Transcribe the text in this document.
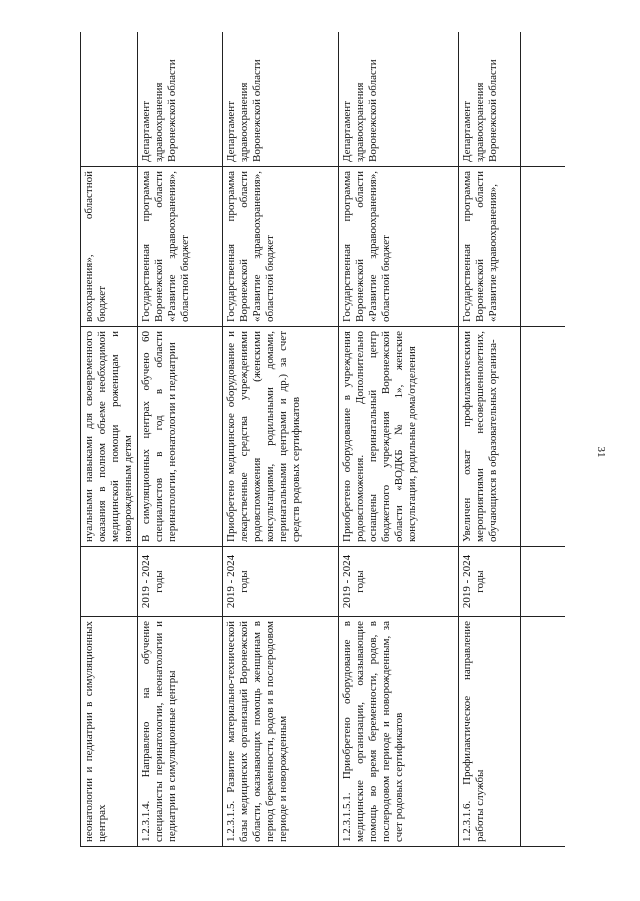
31
неонатологии и педиатрии в симуляционных центрах		нуальными навыками для своевременного оказания в полном объеме необходимой медицинской помощи роженицам и новорожденным детям	воохранения», областной бюджет	
1.2.3.1.4. Направлено на обучение специалисты перинатологии, неонатологии и педиатрии в симуляционные центры	2019 - 2024 годы	В симуляционных центрах обучено 60 специалистов в год в области перинатологии, неонатологии и педиатрии	Государственная программа Воронежской области «Развитие здравоохранения», областной бюджет	Департамент здравоохранения Воронежской области
1.2.3.1.5. Развитие материально-технической базы медицинских организаций Воронежской области, оказывающих помощь женщинам в период беременности, родов и в послеродовом периоде и новорожденным	2019 - 2024 годы	Приобретено медицинское оборудование и лекарственные средства учреждениями родовспоможения (женскими консультациями, родильными домами, перинатальными центрами и др.) за счет средств родовых сертификатов	Государственная программа Воронежской области «Развитие здравоохранения», областной бюджет	Департамент здравоохранения Воронежской области
1.2.3.1.5.1. Приобретено оборудование в медицинские организации, оказывающие помощь во время беременности, родов, в послеродовом периоде и новорожденным, за счет родовых сертификатов	2019 - 2024 годы	Приобретено оборудование в учреждения родовспоможения. Дополнительно оснащены перинатальный центр бюджетного учреждения Воронежской области «ВОДКБ № 1», женские консультации, родильные дома/отделения	Государственная программа Воронежской области «Развитие здравоохранения», областной бюджет	Департамент здравоохранения Воронежской области
1.2.3.1.6. Профилактическое направление работы службы	2019 - 2024 годы	Увеличен охват профилактическими мероприятиями несовершеннолетних, обучающихся в образовательных организа-	Государственная программа Воронежской области «Развитие здравоохранения»,	Департамент здравоохранения Воронежской области
